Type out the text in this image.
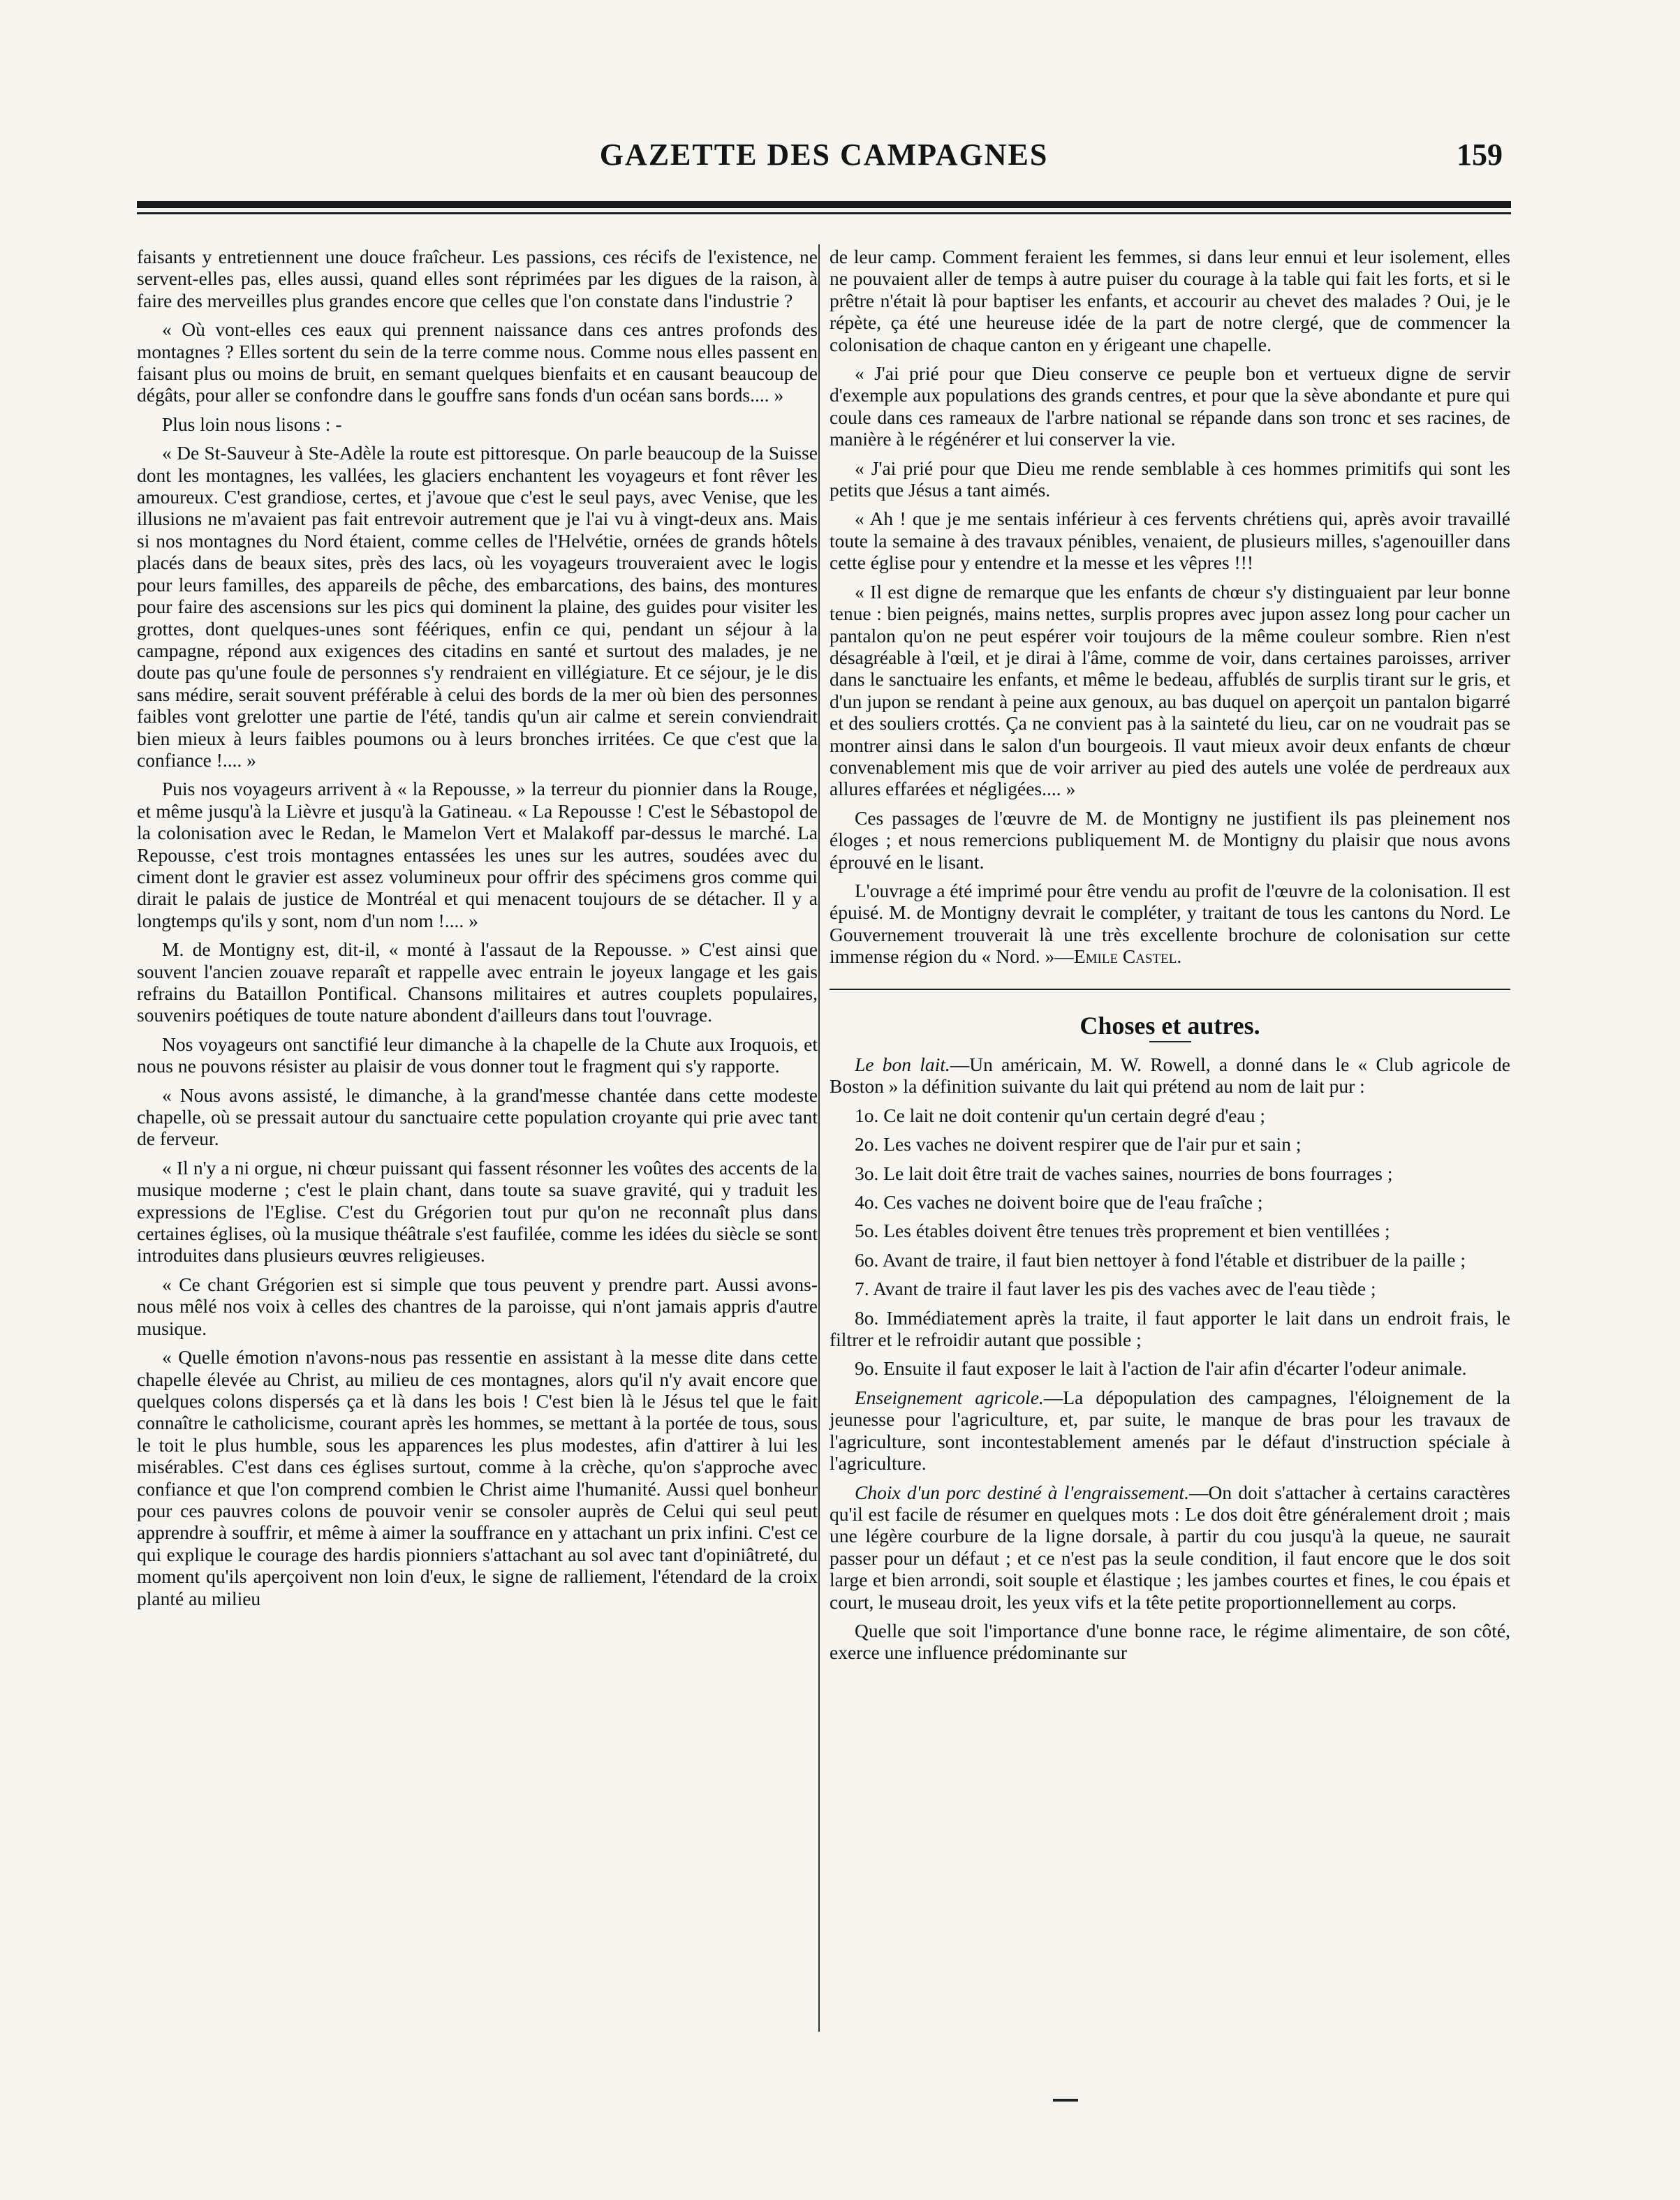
GAZETTE DES CAMPAGNES	159

faisants y entretiennent une douce fraîcheur. Les passions, ces récifs de l'existence, ne servent-elles pas, elles aussi, quand elles sont réprimées par les digues de la raison, à faire des merveilles plus grandes encore que celles que l'on constate dans l'industrie ?

« Où vont-elles ces eaux qui prennent naissance dans ces antres profonds des montagnes ? Elles sortent du sein de la terre comme nous. Comme nous elles passent en faisant plus ou moins de bruit, en semant quelques bienfaits et en causant beaucoup de dégâts, pour aller se confondre dans le gouffre sans fonds d'un océan sans bords.... »

Plus loin nous lisons : -

« De St-Sauveur à Ste-Adèle la route est pittoresque. On parle beaucoup de la Suisse dont les montagnes, les vallées, les glaciers enchantent les voyageurs et font rêver les amoureux. C'est grandiose, certes, et j'avoue que c'est le seul pays, avec Venise, que les illusions ne m'avaient pas fait entrevoir autrement que je l'ai vu à vingt-deux ans. Mais si nos montagnes du Nord étaient, comme celles de l'Helvétie, ornées de grands hôtels placés dans de beaux sites, près des lacs, où les voyageurs trouveraient avec le logis pour leurs familles, des appareils de pêche, des embarcations, des bains, des montures pour faire des ascensions sur les pics qui dominent la plaine, des guides pour visiter les grottes, dont quelques-unes sont féériques, enfin ce qui, pendant un séjour à la campagne, répond aux exigences des citadins en santé et surtout des malades, je ne doute pas qu'une foule de personnes s'y rendraient en villégiature. Et ce séjour, je le dis sans médire, serait souvent préférable à celui des bords de la mer où bien des personnes faibles vont grelotter une partie de l'été, tandis qu'un air calme et serein conviendrait bien mieux à leurs faibles poumons ou à leurs bronches irritées. Ce que c'est que la confiance !.... »

Puis nos voyageurs arrivent à « la Repousse, » la terreur du pionnier dans la Rouge, et même jusqu'à la Lièvre et jusqu'à la Gatineau. « La Repousse ! C'est le Sébastopol de la colonisation avec le Redan, le Mamelon Vert et Malakoff par-dessus le marché. La Repousse, c'est trois montagnes entassées les unes sur les autres, soudées avec du ciment dont le gravier est assez volumineux pour offrir des spécimens gros comme qui dirait le palais de justice de Montréal et qui menacent toujours de se détacher. Il y a longtemps qu'ils y sont, nom d'un nom !.... »

M. de Montigny est, dit-il, « monté à l'assaut de la Repousse. » C'est ainsi que souvent l'ancien zouave reparaît et rappelle avec entrain le joyeux langage et les gais refrains du Bataillon Pontifical. Chansons militaires et autres couplets populaires, souvenirs poétiques de toute nature abondent d'ailleurs dans tout l'ouvrage.

Nos voyageurs ont sanctifié leur dimanche à la chapelle de la Chute aux Iroquois, et nous ne pouvons résister au plaisir de vous donner tout le fragment qui s'y rapporte.

« Nous avons assisté, le dimanche, à la grand'messe chantée dans cette modeste chapelle, où se pressait autour du sanctuaire cette population croyante qui prie avec tant de ferveur.

« Il n'y a ni orgue, ni chœur puissant qui fassent résonner les voûtes des accents de la musique moderne ; c'est le plain chant, dans toute sa suave gravité, qui y traduit les expressions de l'Eglise. C'est du Grégorien tout pur qu'on ne reconnaît plus dans certaines églises, où la musique théâtrale s'est faufilée, comme les idées du siècle se sont introduites dans plusieurs œuvres religieuses.

« Ce chant Grégorien est si simple que tous peuvent y prendre part. Aussi avons-nous mêlé nos voix à celles des chantres de la paroisse, qui n'ont jamais appris d'autre musique.

« Quelle émotion n'avons-nous pas ressentie en assistant à la messe dite dans cette chapelle élevée au Christ, au milieu de ces montagnes, alors qu'il n'y avait encore que quelques colons dispersés ça et là dans les bois ! C'est bien là le Jésus tel que le fait connaître le catholicisme, courant après les hommes, se mettant à la portée de tous, sous le toit le plus humble, sous les apparences les plus modestes, afin d'attirer à lui les misérables. C'est dans ces églises surtout, comme à la crèche, qu'on s'approche avec confiance et que l'on comprend combien le Christ aime l'humanité. Aussi quel bonheur pour ces pauvres colons de pouvoir venir se consoler auprès de Celui qui seul peut apprendre à souffrir, et même à aimer la souffrance en y attachant un prix infini. C'est ce qui explique le courage des hardis pionniers s'attachant au sol avec tant d'opiniâtreté, du moment qu'ils aperçoivent non loin d'eux, le signe de ralliement, l'étendard de la croix planté au milieu

de leur camp. Comment feraient les femmes, si dans leur ennui et leur isolement, elles ne pouvaient aller de temps à autre puiser du courage à la table qui fait les forts, et si le prêtre n'était là pour baptiser les enfants, et accourir au chevet des malades ? Oui, je le répète, ça été une heureuse idée de la part de notre clergé, que de commencer la colonisation de chaque canton en y érigeant une chapelle.

« J'ai prié pour que Dieu conserve ce peuple bon et vertueux digne de servir d'exemple aux populations des grands centres, et pour que la sève abondante et pure qui coule dans ces rameaux de l'arbre national se répande dans son tronc et ses racines, de manière à le régénérer et lui conserver la vie.

« J'ai prié pour que Dieu me rende semblable à ces hommes primitifs qui sont les petits que Jésus a tant aimés.

« Ah ! que je me sentais inférieur à ces fervents chrétiens qui, après avoir travaillé toute la semaine à des travaux pénibles, venaient, de plusieurs milles, s'agenouiller dans cette église pour y entendre et la messe et les vêpres !!!

« Il est digne de remarque que les enfants de chœur s'y distinguaient par leur bonne tenue : bien peignés, mains nettes, surplis propres avec jupon assez long pour cacher un pantalon qu'on ne peut espérer voir toujours de la même couleur sombre. Rien n'est désagréable à l'œil, et je dirai à l'âme, comme de voir, dans certaines paroisses, arriver dans le sanctuaire les enfants, et même le bedeau, affublés de surplis tirant sur le gris, et d'un jupon se rendant à peine aux genoux, au bas duquel on aperçoit un pantalon bigarré et des souliers crottés. Ça ne convient pas à la sainteté du lieu, car on ne voudrait pas se montrer ainsi dans le salon d'un bourgeois. Il vaut mieux avoir deux enfants de chœur convenablement mis que de voir arriver au pied des autels une volée de perdreaux aux allures effarées et négligées.... »

Ces passages de l'œuvre de M. de Montigny ne justifient ils pas pleinement nos éloges ; et nous remercions publiquement M. de Montigny du plaisir que nous avons éprouvé en le lisant.

L'ouvrage a été imprimé pour être vendu au profit de l'œuvre de la colonisation. Il est épuisé. M. de Montigny devrait le compléter, y traitant de tous les cantons du Nord. Le Gouvernement trouverait là une très excellente brochure de colonisation sur cette immense région du « Nord. »—Emile Castel.

Choses et autres.

Le bon lait.—Un américain, M. W. Rowell, a donné dans le « Club agricole de Boston » la définition suivante du lait qui prétend au nom de lait pur :

1o. Ce lait ne doit contenir qu'un certain degré d'eau ;

2o. Les vaches ne doivent respirer que de l'air pur et sain ;

3o. Le lait doit être trait de vaches saines, nourries de bons fourrages ;

4o. Ces vaches ne doivent boire que de l'eau fraîche ;

5o. Les étables doivent être tenues très proprement et bien ventillées ;

6o. Avant de traire, il faut bien nettoyer à fond l'étable et distribuer de la paille ;

7. Avant de traire il faut laver les pis des vaches avec de l'eau tiède ;

8o. Immédiatement après la traite, il faut apporter le lait dans un endroit frais, le filtrer et le refroidir autant que possible ;

9o. Ensuite il faut exposer le lait à l'action de l'air afin d'écarter l'odeur animale.

Enseignement agricole.—La dépopulation des campagnes, l'éloignement de la jeunesse pour l'agriculture, et, par suite, le manque de bras pour les travaux de l'agriculture, sont incontestablement amenés par le défaut d'instruction spéciale à l'agriculture.

Choix d'un porc destiné à l'engraissement.—On doit s'attacher à certains caractères qu'il est facile de résumer en quelques mots : Le dos doit être généralement droit ; mais une légère courbure de la ligne dorsale, à partir du cou jusqu'à la queue, ne saurait passer pour un défaut ; et ce n'est pas la seule condition, il faut encore que le dos soit large et bien arrondi, soit souple et élastique ; les jambes courtes et fines, le cou épais et court, le museau droit, les yeux vifs et la tête petite proportionnellement au corps.

Quelle que soit l'importance d'une bonne race, le régime alimentaire, de son côté, exerce une influence prédominante sur
